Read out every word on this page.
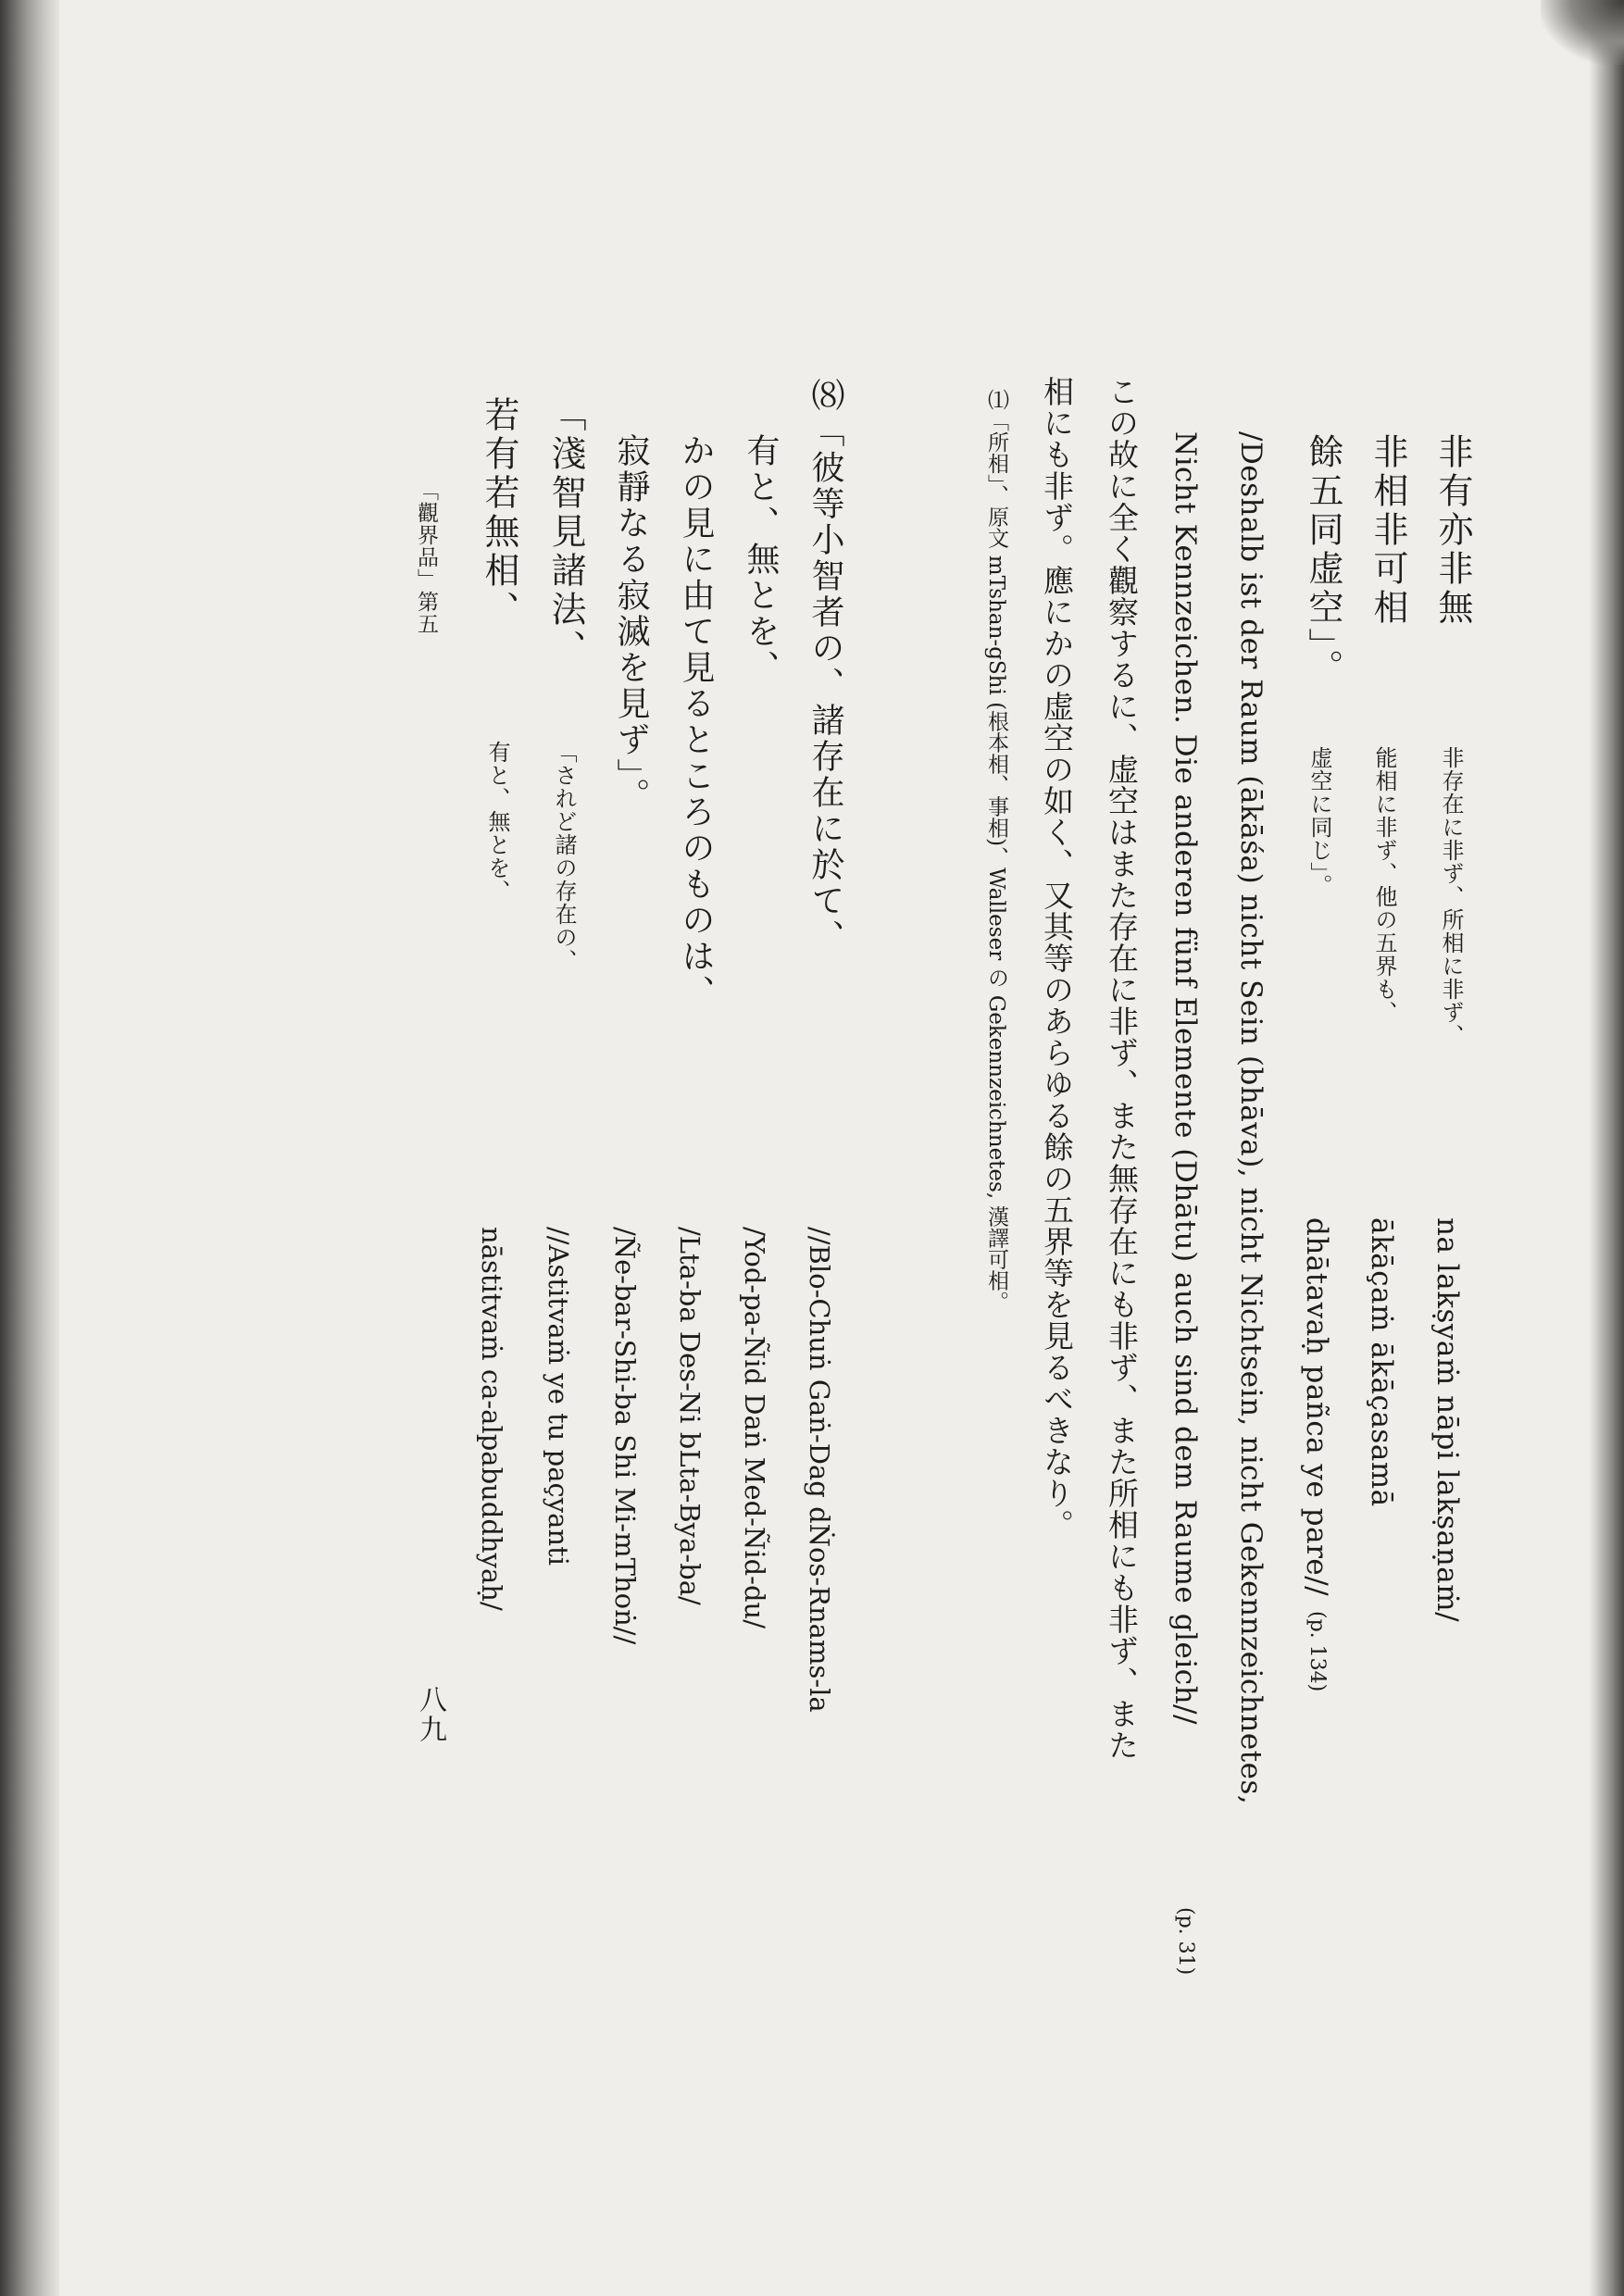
非有亦非無
非存在に非ず、所相に非ず、
na lakṣyaṁ nāpi lakṣaṇaṁ/
非相非可相
能相に非ず、他の五界も、
ākāçaṁ ākāçasamā
餘五同虚空」。
虚空に同じ」。
dhātavaḥ pañca ye pare//
(p. 134)
/Deshalb ist der Raum (ākāśa) nicht Sein (bhāva), nicht Nichtsein, nicht Gekennzeichnetes,
Nicht Kennzeichen. Die anderen fünf Elemente (Dhātu) auch sind dem Raume gleich//
(p. 31)
この故に全く觀察するに、虚空はまた存在に非ず、また無存在にも非ず、また所相にも非ず、また
相にも非ず。應にかの虚空の如く、又其等のあらゆる餘の五界等を見るべきなり。
⑴「所相」、原文 mTshan-gShi (根本相、事相)、Walleser の Gekennzeichnetes, 漢譯可相。
⑻「彼等小智者の、諸存在に於て、
//Blo-Chuṅ Gaṅ-Dag dṄos-Rnams-la
有と、無とを、
/Yod-pa-Ñid Daṅ Med-Ñid-du/
かの見に由て見るところのものは、
/Lta-ba Des-Ni bLta-Bya-ba/
寂靜なる寂滅を見ず」。
/Ñe-bar-Shi-ba Shi Mi-mThoṅ//
「淺智見諸法、
「されど諸の存在の、
//Astitvaṁ ye tu paçyanti
若有若無相、
有と、無とを、
nāstitvaṁ ca-alpabuddhyaḥ/
「觀界品」第五
八九
